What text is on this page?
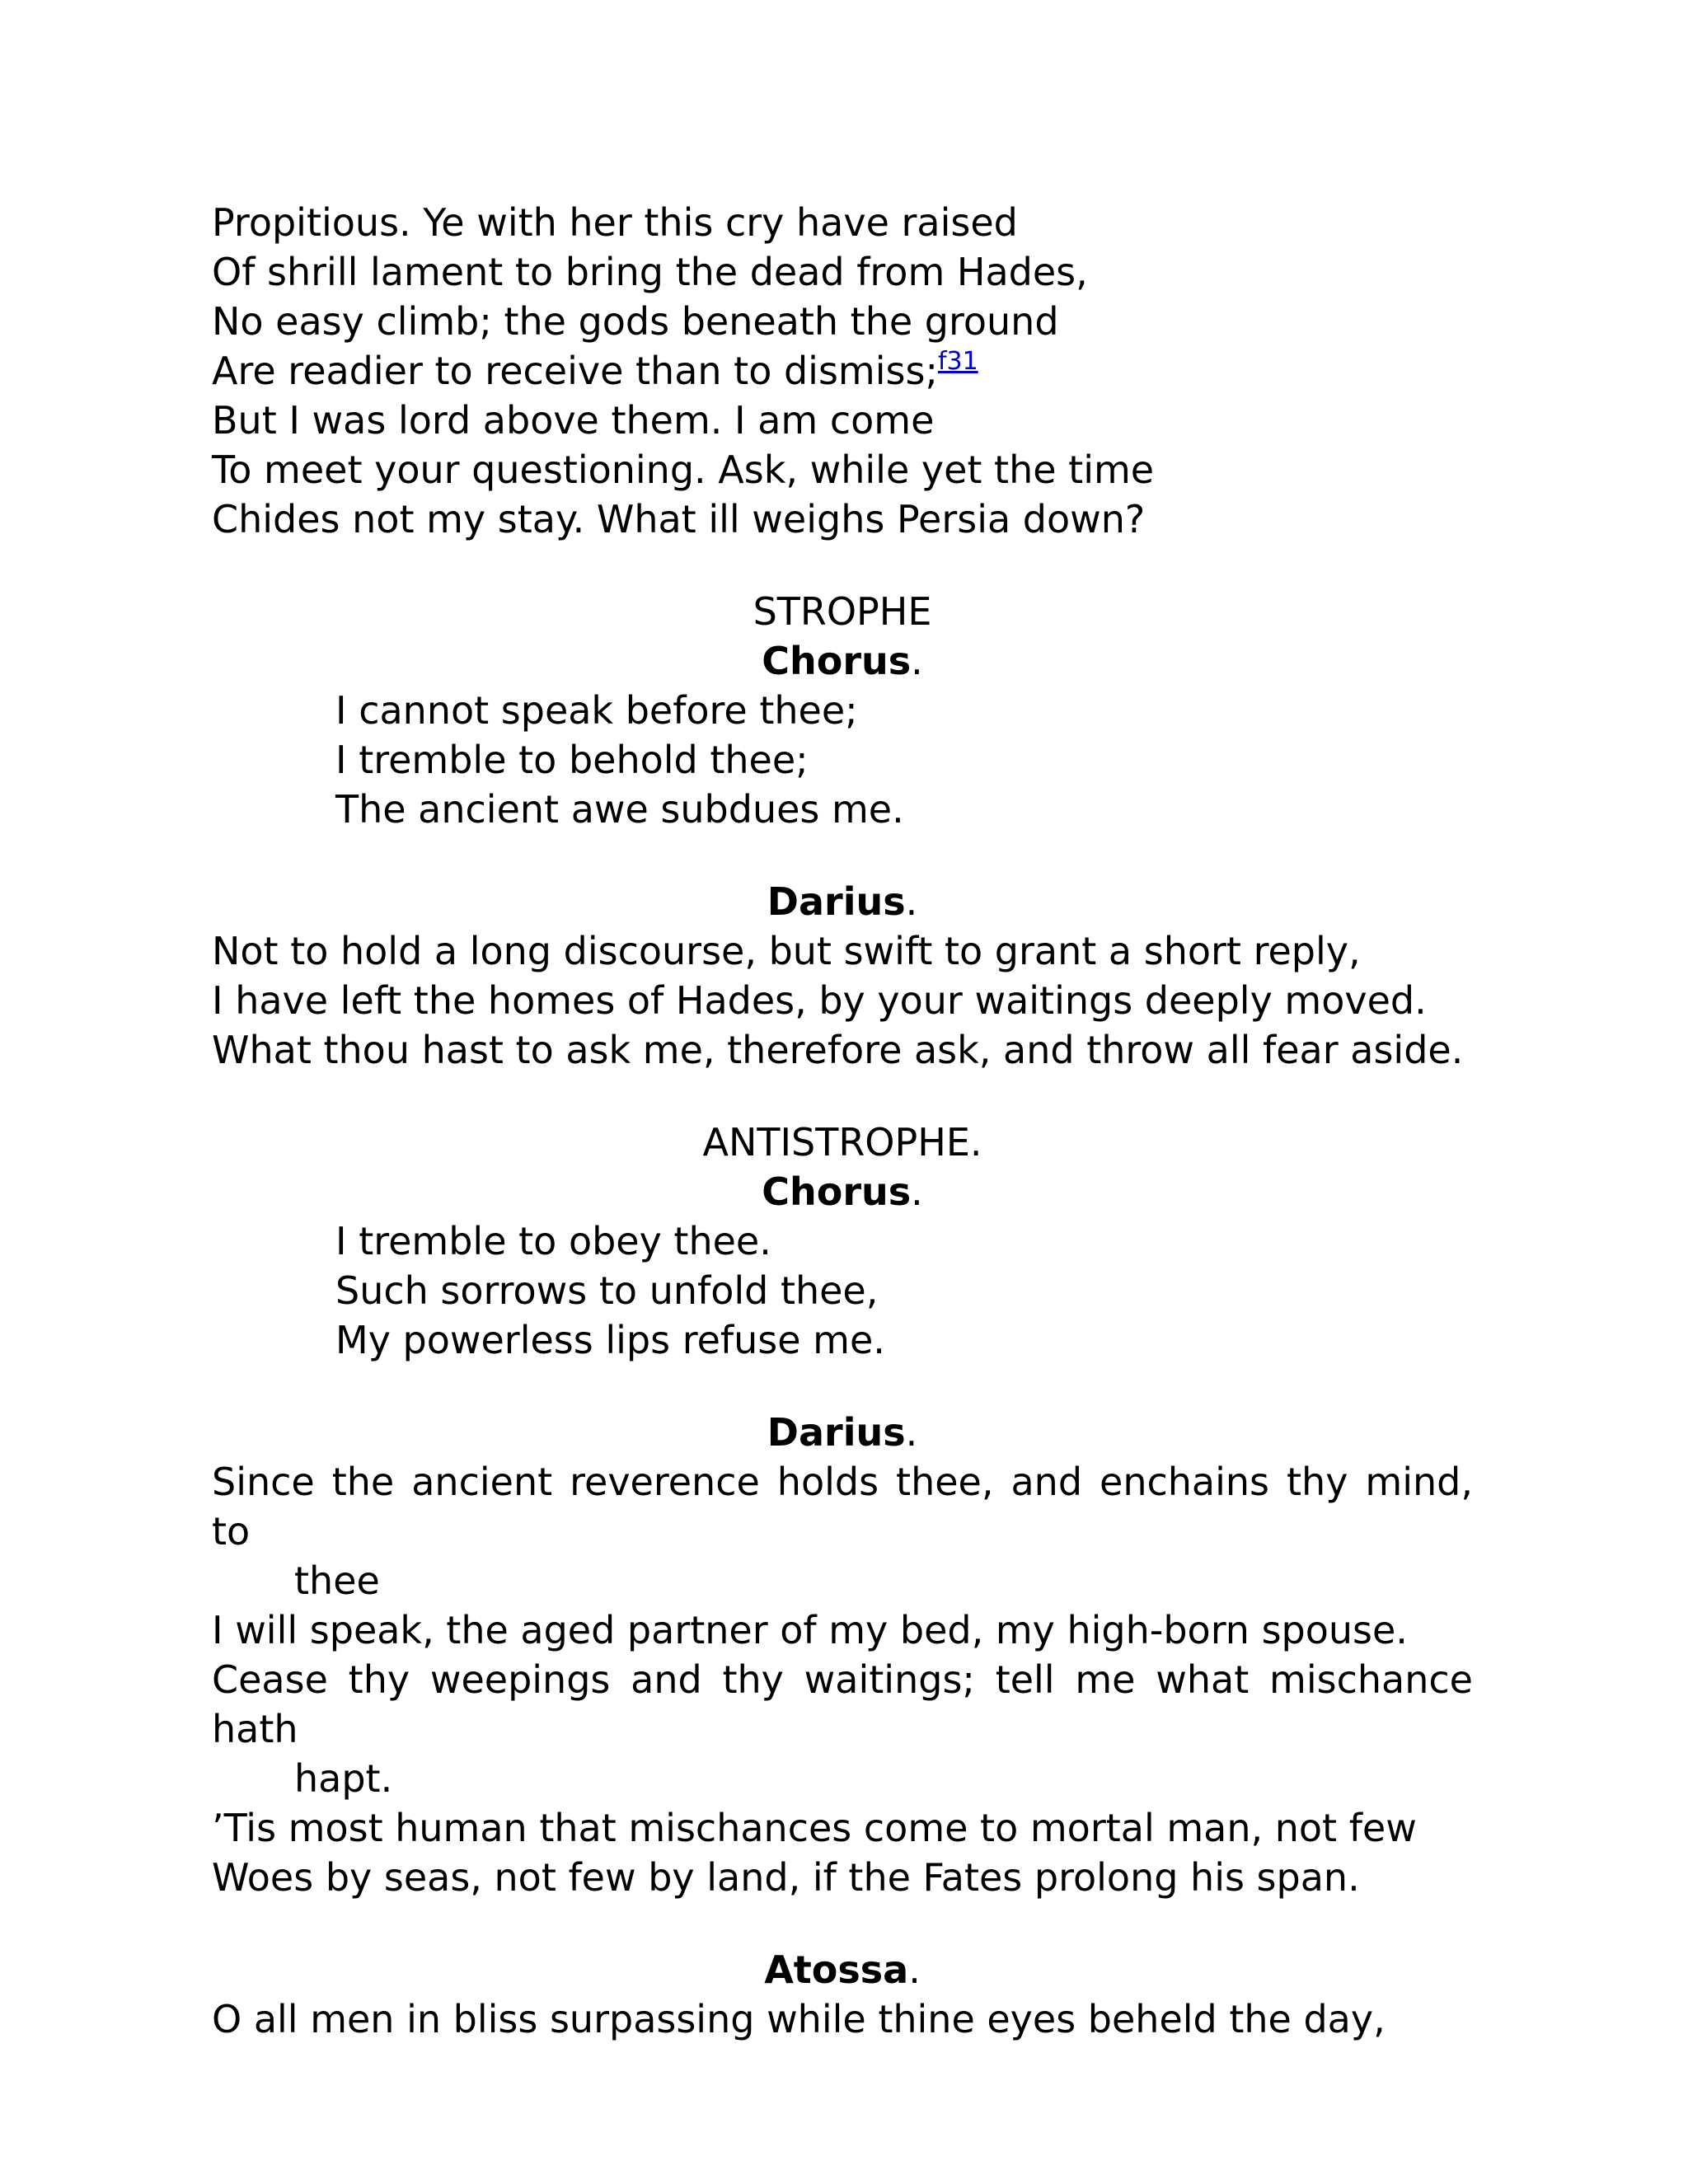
Propitious. Ye with her this cry have raised
Of shrill lament to bring the dead from Hades,
No easy climb; the gods beneath the ground
Are readier to receive than to dismiss;$^{f31}$
But I was lord above them. I am come
To meet your questioning. Ask, while yet the time
Chides not my stay. What ill weighs Persia down?
STROPHE
Chorus.
I cannot speak before thee;
I tremble to behold thee;
The ancient awe subdues me.
Darius.
Not to hold a long discourse, but swift to grant a short reply,
I have left the homes of Hades, by your waitings deeply moved.
What thou hast to ask me, therefore ask, and throw all fear aside.
ANTISTROPHE.
Chorus.
I tremble to obey thee.
Such sorrows to unfold thee,
My powerless lips refuse me.
Darius.
Since the ancient reverence holds thee, and enchains thy mind, to
thee
I will speak, the aged partner of my bed, my high-born spouse.
Cease thy weepings and thy waitings; tell me what mischance hath
hapt.
’Tis most human that mischances come to mortal man, not few
Woes by seas, not few by land, if the Fates prolong his span.
Atossa.
O all men in bliss surpassing while thine eyes beheld the day,
